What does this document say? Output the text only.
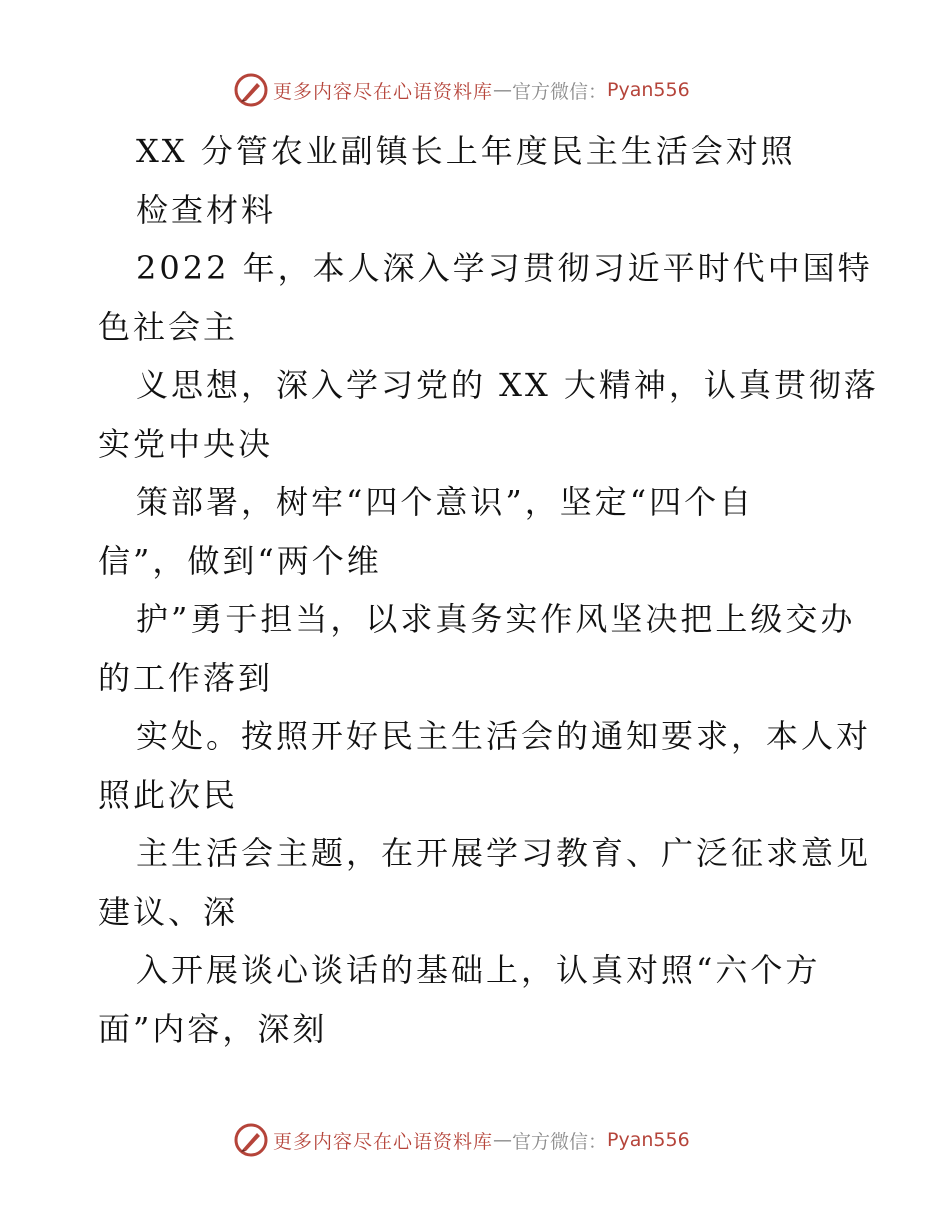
更多内容尽在心语资料库 — 官方微信： Pyan556
XX 分管农业副镇长上年度民主生活会对照
检查材料
2022 年，本人深入学习贯彻习近平时代中国特
色社会主
义思想，深入学习党的 XX 大精神，认真贯彻落
实党中央决
策部署，树牢“四个意识”，坚定“四个自
信”，做到“两个维
护”勇于担当，以求真务实作风坚决把上级交办
的工作落到
实处。按照开好民主生活会的通知要求，本人对
照此次民
主生活会主题，在开展学习教育、广泛征求意见
建议、深
入开展谈心谈话的基础上，认真对照“六个方
面”内容，深刻
更多内容尽在心语资料库 — 官方微信： Pyan556
